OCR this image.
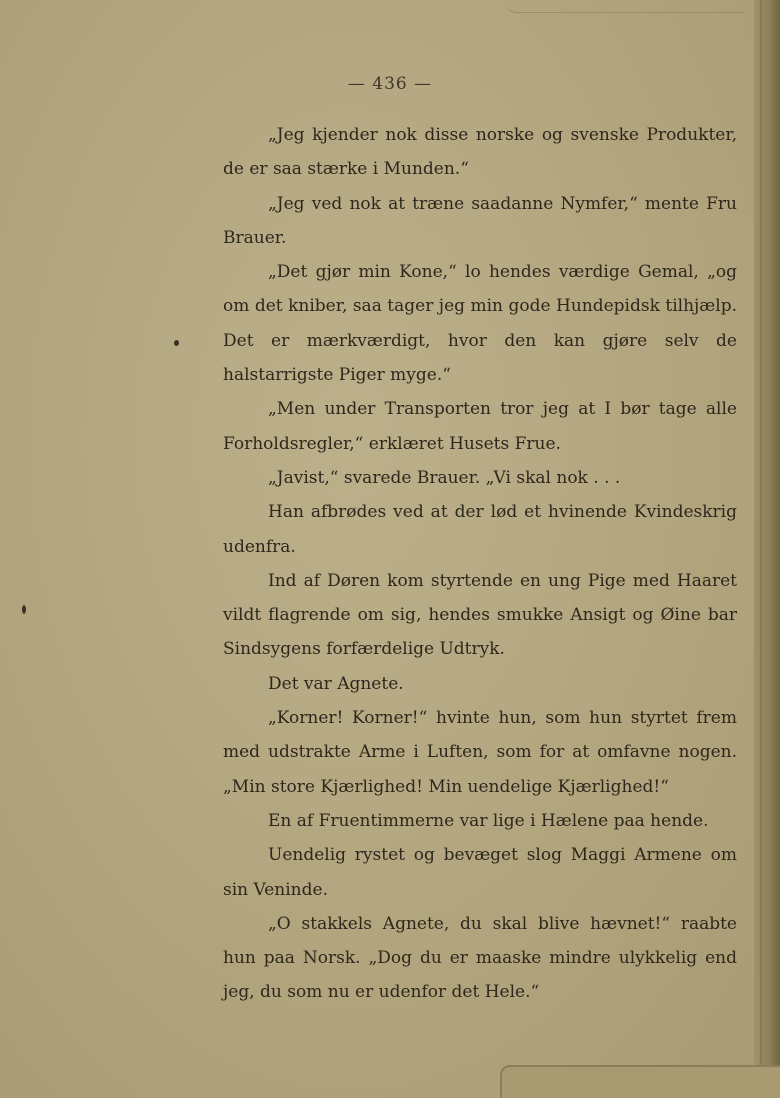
— 436 —

„Jeg kjender nok disse norske og svenske Produkter, de er saa stærke i Munden.“

„Jeg ved nok at træne saadanne Nymfer,“ mente Fru Brauer.

„Det gjør min Kone,“ lo hendes værdige Gemal, „og om det kniber, saa tager jeg min gode Hundepidsk tilhjælp. Det er mærkværdigt, hvor den kan gjøre selv de halstarrigste Piger myge.“

„Men under Transporten tror jeg at I bør tage alle Forholdsregler,“ erklæret Husets Frue.

„Javist,“ svarede Brauer. „Vi skal nok . . .

Han afbrødes ved at der lød et hvinende Kvindeskrig udenfra.

Ind af Døren kom styrtende en ung Pige med Haaret vildt flagrende om sig, hendes smukke Ansigt og Øine bar Sindsygens forfærdelige Udtryk.

Det var Agnete.

„Korner! Korner!“ hvinte hun, som hun styrtet frem med udstrakte Arme i Luften, som for at omfavne nogen. „Min store Kjærlighed! Min uendelige Kjærlighed!“

En af Fruentimmerne var lige i Hælene paa hende.

Uendelig rystet og bevæget slog Maggi Armene om sin Veninde.

„O stakkels Agnete, du skal blive hævnet!“ raabte hun paa Norsk. „Dog du er maaske mindre ulykkelig end jeg, du som nu er udenfor det Hele.“
